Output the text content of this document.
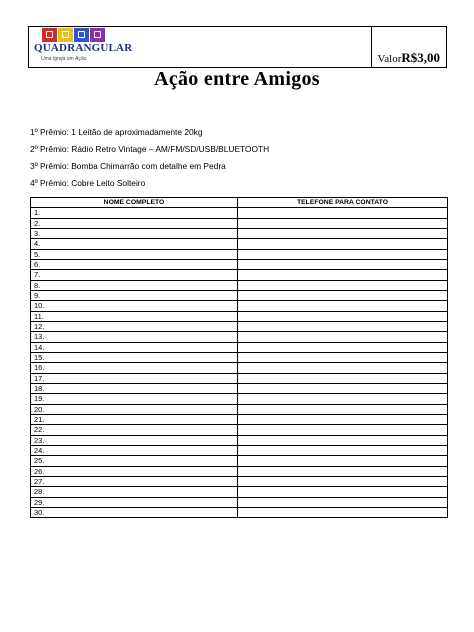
QUADRANGULAR
Uma Igreja em Ação	ValorR$3,00
Ação entre Amigos
1º Prêmio: 1 Leitão de aproximadamente 20kg
2º Prêmio: Rádio Retro Vintage – AM/FM/SD/USB/BLUETOOTH
3º Prêmio: Bomba Chimarrão com detalhe em Pedra
4º Prêmio: Cobre Leito Solteiro
NOME COMPLETO	TELEFONE PARA CONTATO
1.	
2.	
3.	
4.	
5.	
6.	
7.	
8.	
9.	
10.	
11.	
12.	
13.	
14.	
15.	
16.	
17.	
18.	
19.	
20.	
21.	
22.	
23.	
24.	
25.	
26.	
27.	
28.	
29.	
30.	
